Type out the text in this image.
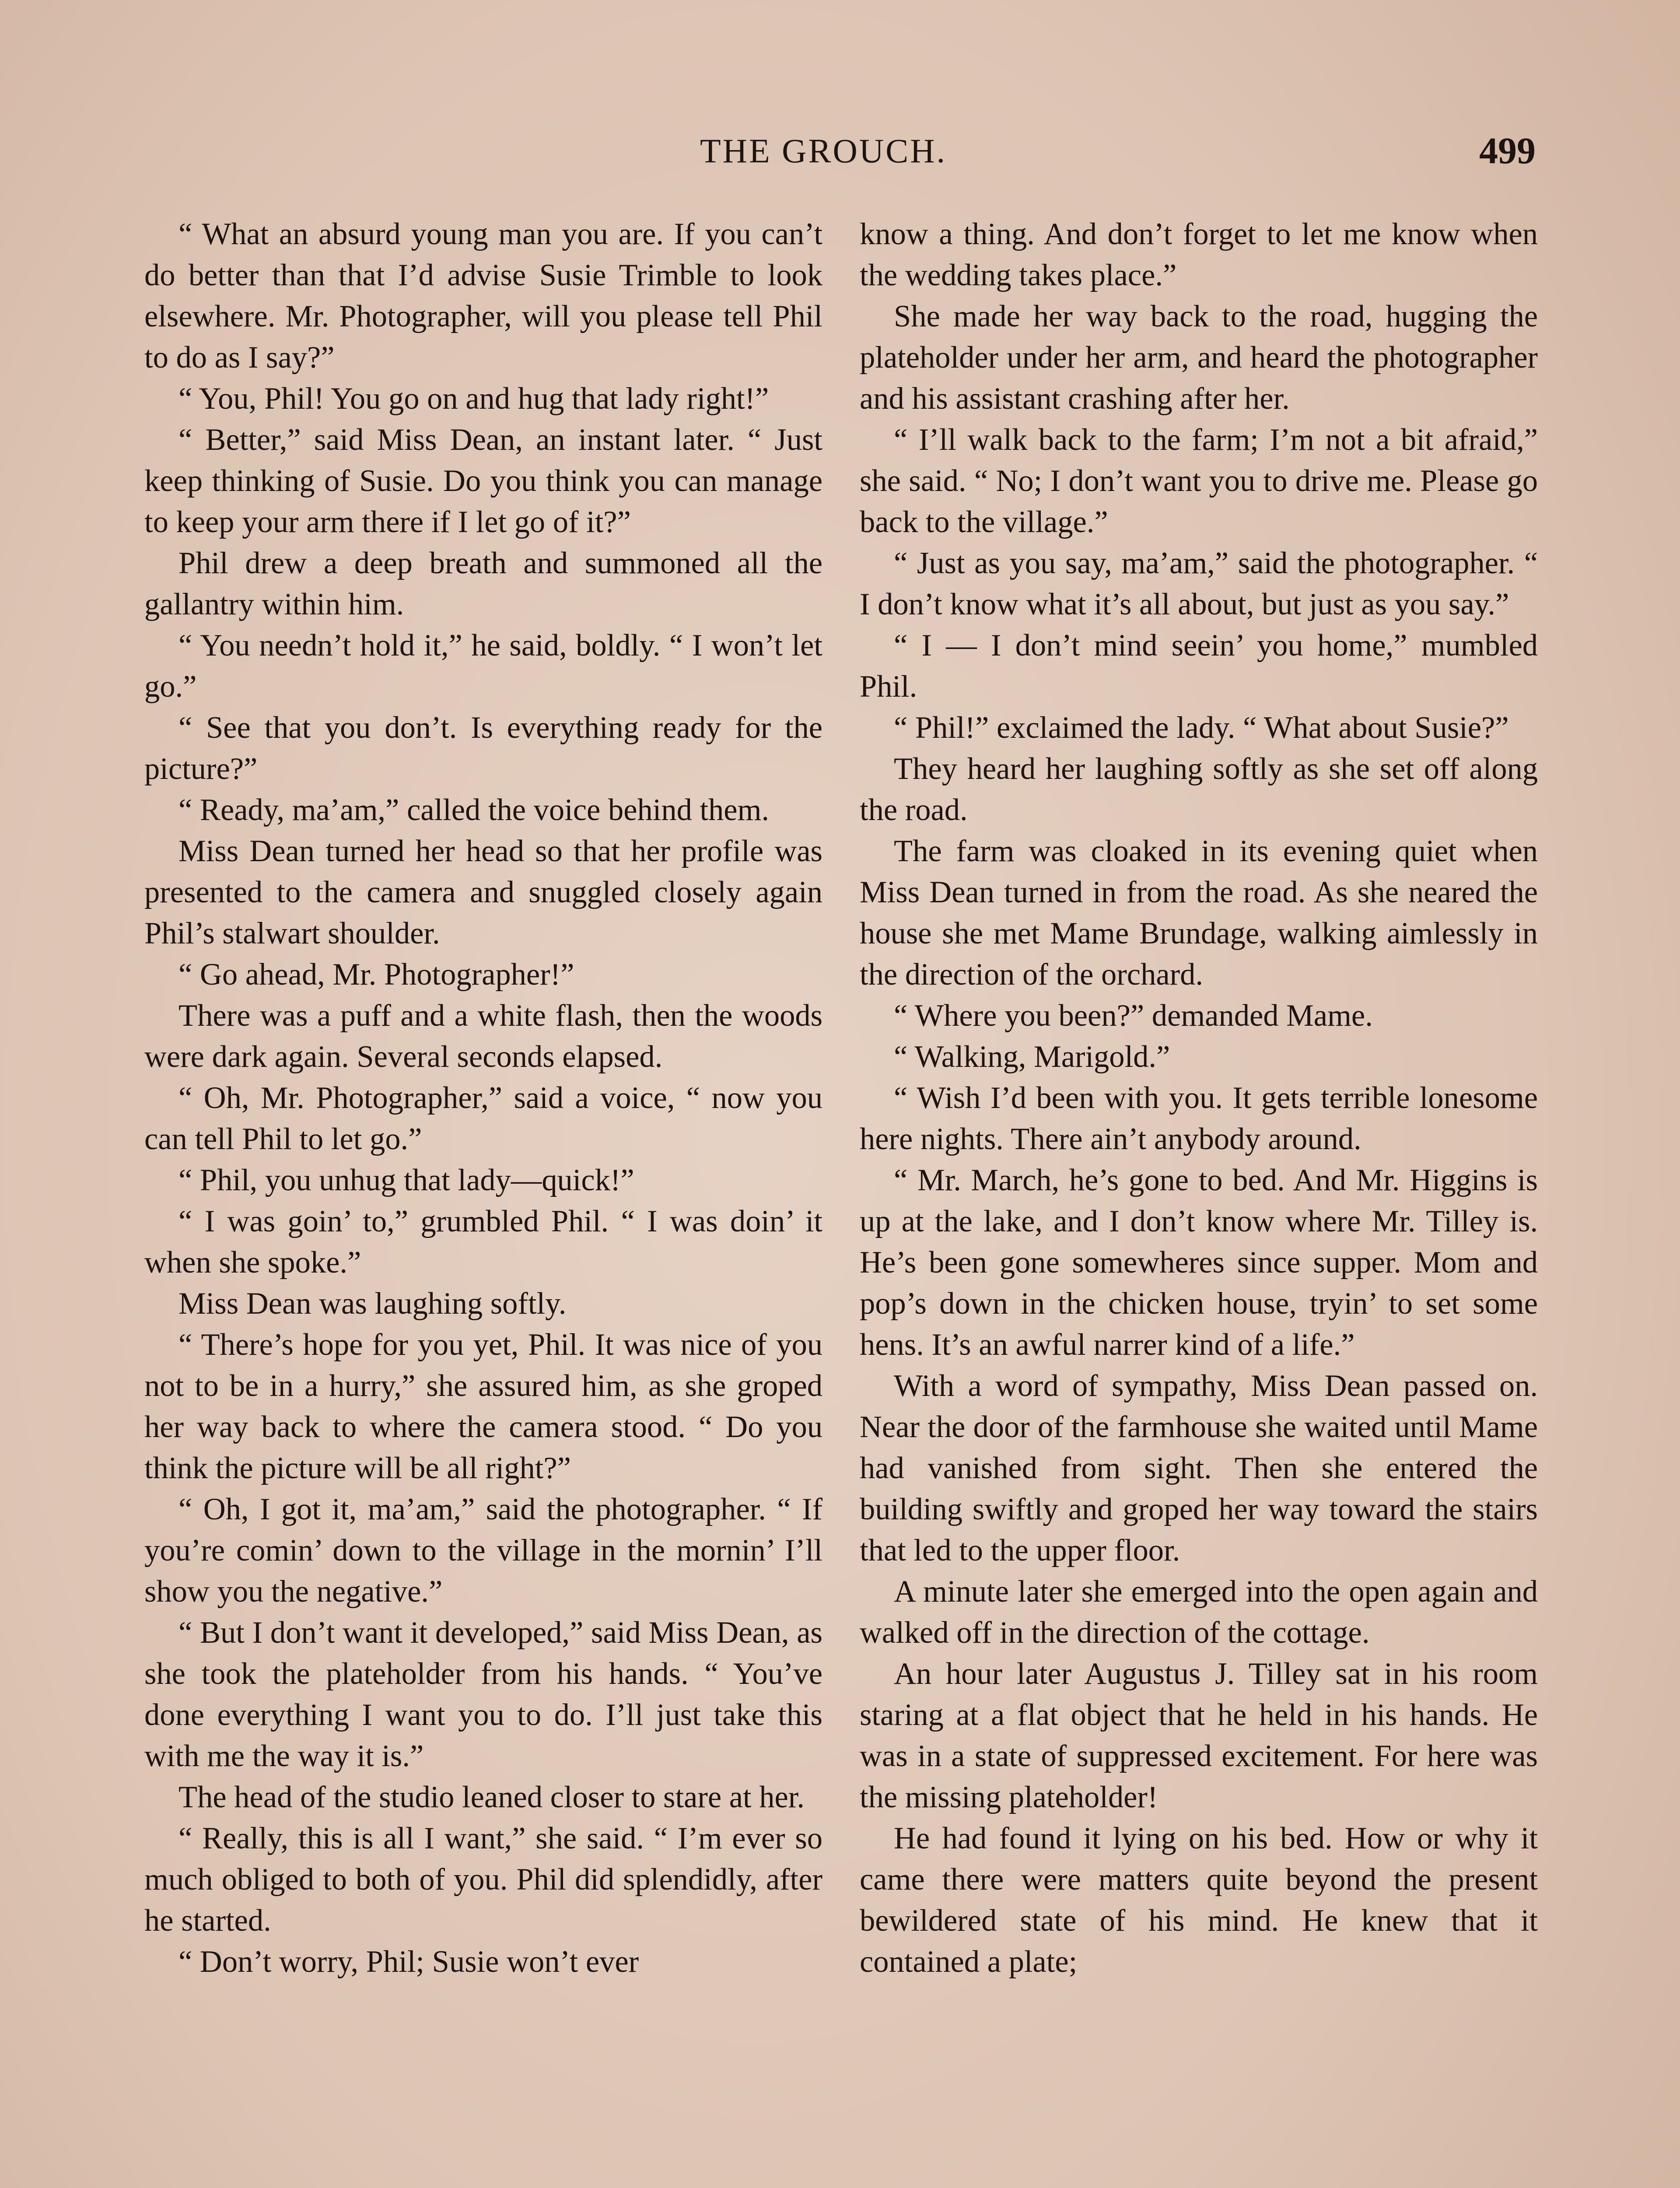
THE GROUCH.	499

“ What an absurd young man you are. If you can’t do better than that I’d advise Susie Trimble to look elsewhere. Mr. Photographer, will you please tell Phil to do as I say?”

“ You, Phil! You go on and hug that lady right!”

“ Better,” said Miss Dean, an instant later. “ Just keep thinking of Susie. Do you think you can manage to keep your arm there if I let go of it?”

Phil drew a deep breath and summoned all the gallantry within him.

“ You needn’t hold it,” he said, boldly. “ I won’t let go.”

“ See that you don’t. Is everything ready for the picture?”

“ Ready, ma’am,” called the voice behind them.

Miss Dean turned her head so that her profile was presented to the camera and snuggled closely again Phil’s stalwart shoulder.

“ Go ahead, Mr. Photographer!”

There was a puff and a white flash, then the woods were dark again. Several seconds elapsed.

“ Oh, Mr. Photographer,” said a voice, “ now you can tell Phil to let go.”

“ Phil, you unhug that lady—quick!”

“ I was goin’ to,” grumbled Phil. “ I was doin’ it when she spoke.”

Miss Dean was laughing softly.

“ There’s hope for you yet, Phil. It was nice of you not to be in a hurry,” she assured him, as she groped her way back to where the camera stood. “ Do you think the picture will be all right?”

“ Oh, I got it, ma’am,” said the photographer. “ If you’re comin’ down to the village in the mornin’ I’ll show you the negative.”

“ But I don’t want it developed,” said Miss Dean, as she took the plateholder from his hands. “ You’ve done everything I want you to do. I’ll just take this with me the way it is.”

The head of the studio leaned closer to stare at her.

“ Really, this is all I want,” she said. “ I’m ever so much obliged to both of you. Phil did splendidly, after he started.

“ Don’t worry, Phil; Susie won’t ever

know a thing. And don’t forget to let me know when the wedding takes place.”

She made her way back to the road, hugging the plateholder under her arm, and heard the photographer and his assistant crashing after her.

“ I’ll walk back to the farm; I’m not a bit afraid,” she said. “ No; I don’t want you to drive me. Please go back to the village.”

“ Just as you say, ma’am,” said the photographer. “ I don’t know what it’s all about, but just as you say.”

“ I — I don’t mind seein’ you home,” mumbled Phil.

“ Phil!” exclaimed the lady. “ What about Susie?”

They heard her laughing softly as she set off along the road.

The farm was cloaked in its evening quiet when Miss Dean turned in from the road. As she neared the house she met Mame Brundage, walking aimlessly in the direction of the orchard.

“ Where you been?” demanded Mame.

“ Walking, Marigold.”

“ Wish I’d been with you. It gets terrible lonesome here nights. There ain’t anybody around.

“ Mr. March, he’s gone to bed. And Mr. Higgins is up at the lake, and I don’t know where Mr. Tilley is. He’s been gone somewheres since supper. Mom and pop’s down in the chicken house, tryin’ to set some hens. It’s an awful narrer kind of a life.”

With a word of sympathy, Miss Dean passed on. Near the door of the farmhouse she waited until Mame had vanished from sight. Then she entered the building swiftly and groped her way toward the stairs that led to the upper floor.

A minute later she emerged into the open again and walked off in the direction of the cottage.

An hour later Augustus J. Tilley sat in his room staring at a flat object that he held in his hands. He was in a state of suppressed excitement. For here was the missing plateholder!

He had found it lying on his bed. How or why it came there were matters quite beyond the present bewildered state of his mind. He knew that it contained a plate;
